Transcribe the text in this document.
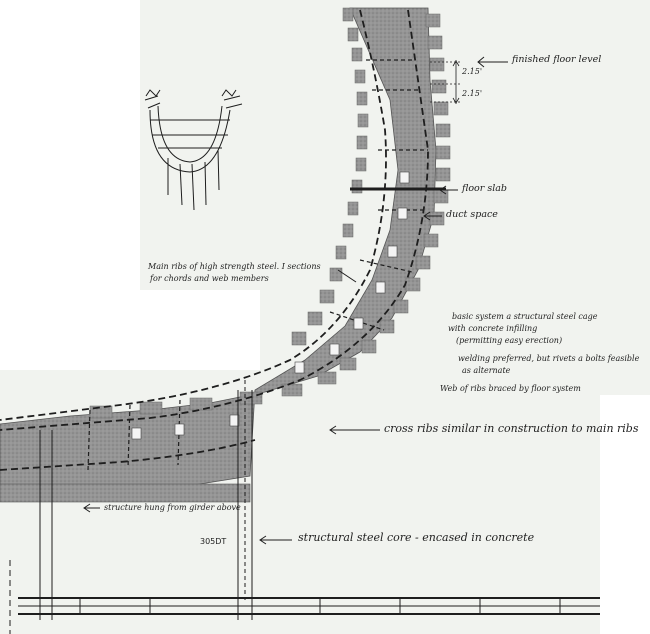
finished floor level
2.15'
2.15'
floor slab
duct space
Main ribs of high strength steel. I sections
for chords and web members
basic system a structural steel cage
with concrete infilling
(permitting easy erection)
welding preferred, but rivets a bolts feasible
as alternate
Web of ribs braced by floor system
cross ribs similar in construction to main ribs
structure hung from girder above
structural steel core - encased in concrete
305DT
